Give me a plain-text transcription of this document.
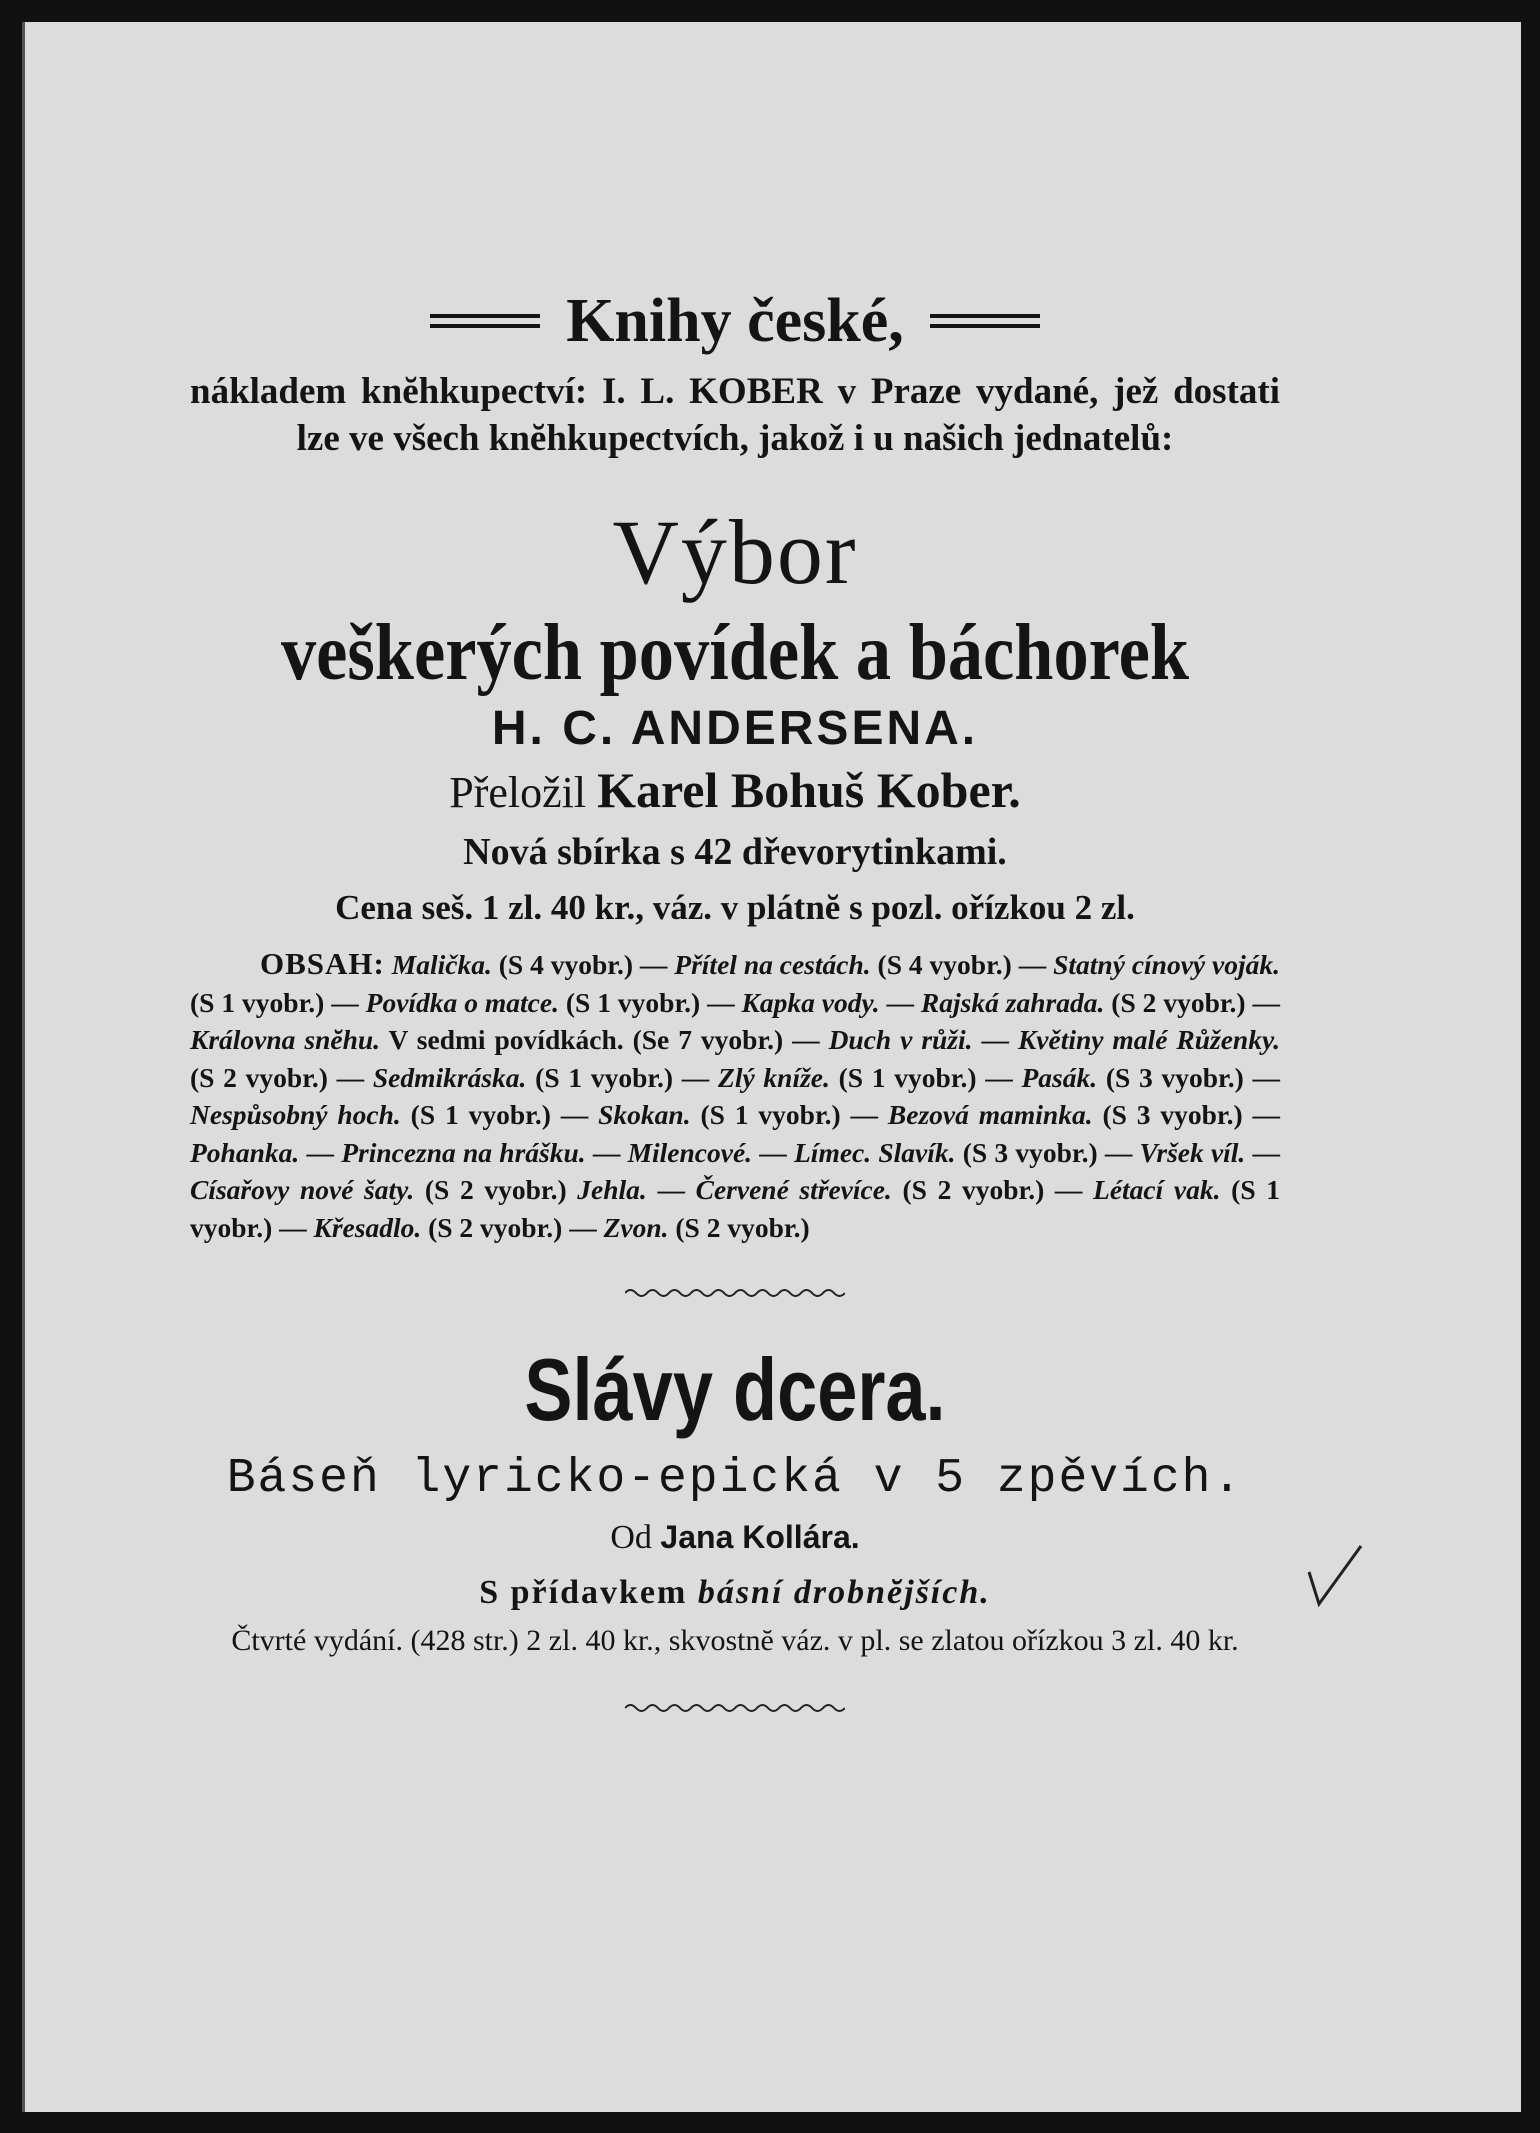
Knihy české,
nákladem knĕhkupectví: I. L. KOBER v Praze vydané, jež dostati lze ve všech knĕhkupectvích, jakož i u našich jednatelů:
Výbor
veškerých povídek a báchorek
H. C. ANDERSENA.
Přeložil Karel Bohuš Kober.
Nová sbírka s 42 dřevorytinkami.
Cena seš. 1 zl. 40 kr., váz. v plátnĕ s pozl. ořízkou 2 zl.
OBSAH: Malička. (S 4 vyobr.) — Přítel na cestách. (S 4 vyobr.) — Statný cínový voják. (S 1 vyobr.) — Povídka o matce. (S 1 vyobr.) — Kapka vody. — Rajská zahrada. (S 2 vyobr.) — Královna snĕhu. V sedmi povídkách. (Se 7 vyobr.) — Duch v růži. — Květiny malé Růženky. (S 2 vyobr.) — Sedmikráska. (S 1 vyobr.) — Zlý knížе. (S 1 vyobr.) — Pasák. (S 3 vyobr.) — Nespůsobný hoch. (S 1 vyobr.) — Skokan. (S 1 vyobr.) — Bezová maminka. (S 3 vyobr.) — Pohanka. — Princezna na hrášku. — Milencové. — Límec. Slavík. (S 3 vyobr.) — Vršek víl. — Císařovy nové šaty. (S 2 vyobr.) Jehla. — Červené střevíce. (S 2 vyobr.) — Létací vak. (S 1 vyobr.) — Křesadlo. (S 2 vyobr.) — Zvon. (S 2 vyobr.)
Slávy dcera.
Báseň lyricko-epická v 5 zpěvích.
Od Jana Kollára.
S přídavkem básní drobnĕjších.
Čtvrté vydání. (428 str.) 2 zl. 40 kr., skvostnĕ váz. v pl. se zlatou ořízkou 3 zl. 40 kr.
